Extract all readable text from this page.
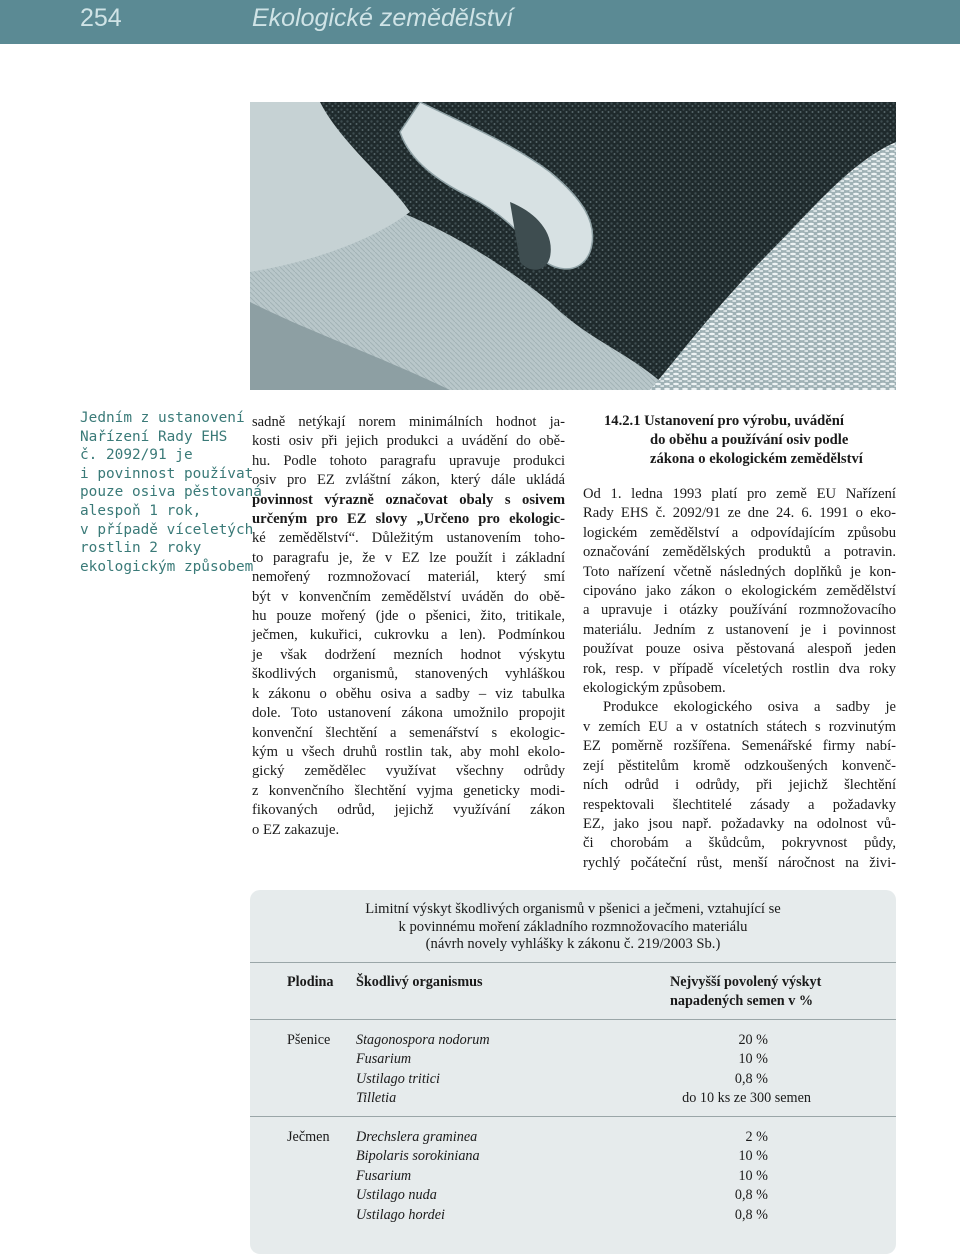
254	Ekologické zemědělství
Jedním z ustanovení
Nařízení Rady EHS
č. 2092/91 je
i povinnost používat
pouze osiva pěstovaná
alespoň 1 rok,
v případě víceletých
rostlin 2 roky
ekologickým způsobem
sadně netýkají norem minimálních hodnot ja-
kosti osiv při jejich produkci a uvádění do obě-
hu. Podle tohoto paragrafu upravuje produkci
osiv pro EZ zvláštní zákon, který dále ukládá
povinnost výrazně označovat obaly s osivem
určeným pro EZ slovy „Určeno pro ekologic-
ké zemědělství“. Důležitým ustanovením toho-
to paragrafu je, že v EZ lze použít i základní
nemořený rozmnožovací materiál, který smí
být v konvenčním zemědělství uváděn do obě-
hu pouze mořený (jde o pšenici, žito, tritikale,
ječmen, kukuřici, cukrovku a len). Podmínkou
je však dodržení mezních hodnot výskytu
škodlivých organismů, stanovených vyhláškou
k zákonu o oběhu osiva a sadby – viz tabulka
dole. Toto ustanovení zákona umožnilo propojit
konvenční šlechtění a semenářství s ekologic-
kým u všech druhů rostlin tak, aby mohl ekolo-
gický zemědělec využívat všechny odrůdy
z konvenčního šlechtění vyjma geneticky modi-
fikovaných odrůd, jejichž využívání zákon
o EZ zakazuje.
14.2.1 Ustanovení pro výrobu, uvádění
do oběhu a používání osiv podle
zákona o ekologickém zemědělství
Od 1. ledna 1993 platí pro země EU Nařízení
Rady EHS č. 2092/91 ze dne 24. 6. 1991 o eko-
logickém zemědělství a odpovídajícím způsobu
označování zemědělských produktů a potravin.
Toto nařízení včetně následných doplňků je kon-
cipováno jako zákon o ekologickém zemědělství
a upravuje i otázky používání rozmnožovacího
materiálu. Jedním z ustanovení je i povinnost
používat pouze osiva pěstovaná alespoň jeden
rok, resp. v případě víceletých rostlin dva roky
ekologickým způsobem.
Produkce ekologického osiva a sadby je
v zemích EU a v ostatních státech s rozvinutým
EZ poměrně rozšířena. Semenářské firmy nabí-
zejí pěstitelům kromě odzkoušených konvenč-
ních odrůd i odrůdy, při jejichž šlechtění
respektovali šlechtitelé zásady a požadavky
EZ, jako jsou např. požadavky na odolnost vů-
či chorobám a škůdcům, pokryvnost půdy,
rychlý počáteční růst, menší náročnost na živi-
Limitní výskyt škodlivých organismů v pšenici a ječmeni, vztahující se
k povinnému moření základního rozmnožovacího materiálu
(návrh novely vyhlášky k zákonu č. 219/2003 Sb.)
Plodina Škodlivý organismus	Nejvyšší povolený výskyt
napadených semen v %
Pšenice Stagonospora nodorum	20 %
Fusarium	10 %
Ustilago tritici	0,8 %
Tilletia	do 10 ks ze 300 semen
Ječmen Drechslera graminea	2 %
Bipolaris sorokiniana	10 %
Fusarium	10 %
Ustilago nuda	0,8 %
Ustilago hordei	0,8 %
